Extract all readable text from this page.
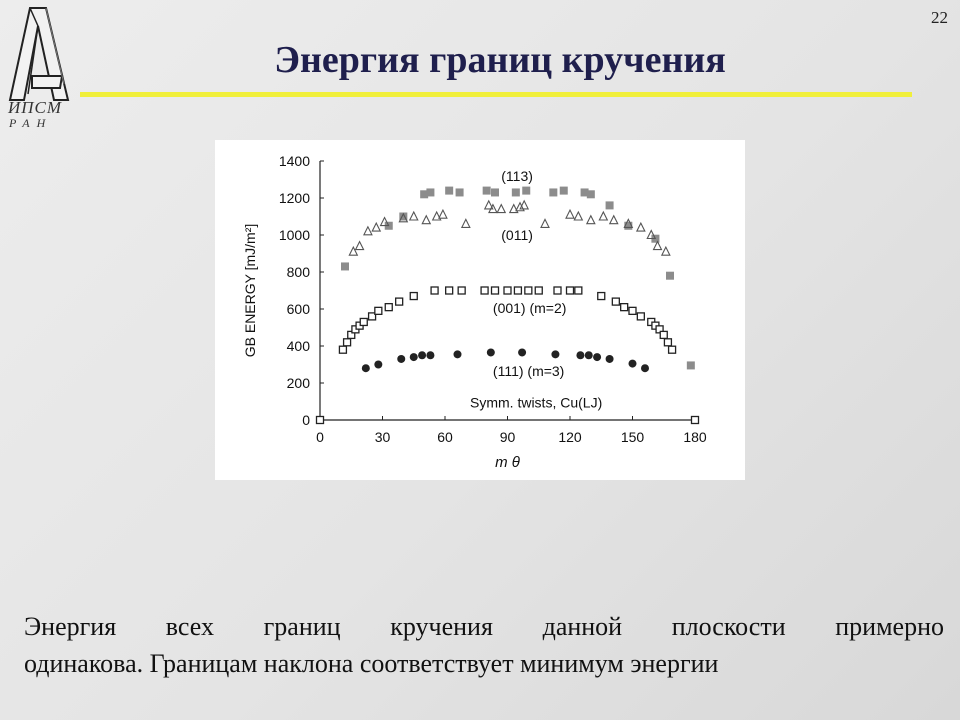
ИПСМ
РАН
22
Энергия границ кручения
0
200
400
600
800
1000
1200
1400
0	30	60	90	120	150	180
m θ
GB ENERGY [mJ/m²]
(113)
(011)
(001) (m=2)
(111) (m=3)
Symm. twists, Cu(LJ)
Энергия всех границ кручения данной плоскости примерно
одинакова. Границам наклона соответствует минимум энергии
